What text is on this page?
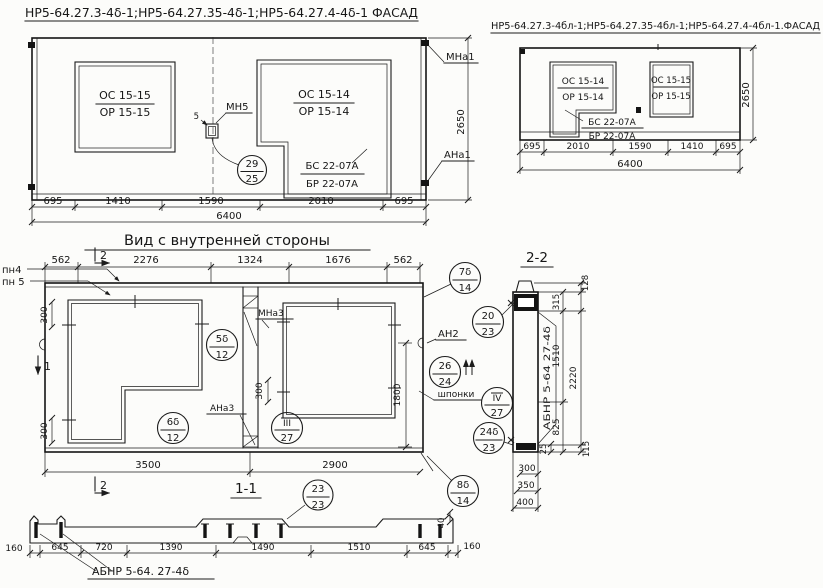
НР5-64.27.3-4δ-1;НР5-64.27.35-4δ-1;НР5-64.27.4-4δ-1 ФАСАД
ОС 15-15
ОР 15-15
ОС 15-14
ОР 15-14
БС 22-07А
БР 22-07А
5
МН5
29
25
МНа1
АНа1
2650
695	1410	1590	2010	695
6400
НР5-64.27.3-4бл-1;НР5-64.27.35-4бл-1;НР5-64.27.4-4бл-1.ФАСАД
ОС 15-14
ОР 15-14
ОС 15-15
ОР 15-15
БС 22-07А
БР 22-07А
695	2010	1590	1410 695
6400
2650
Вид с внутренней стороны
пн4
пн 5
2
562	2276	1324	1676	562
300
300
МНа3
300
5δ
12
6δ
12
АНа3
III
27
7δ
14
20
23
АН2
26
24
шпонки IV
27
24δ
23
1800
3500	2900
1
2
2-2
АБНР 5-64 27-4δ
315
1510
825
128
2220
115
25
300
350
400
1-1	23
23
40
160	645	720	1390	1490	1510	645	160
АБНР 5-64. 27-4δ
8δ
14
